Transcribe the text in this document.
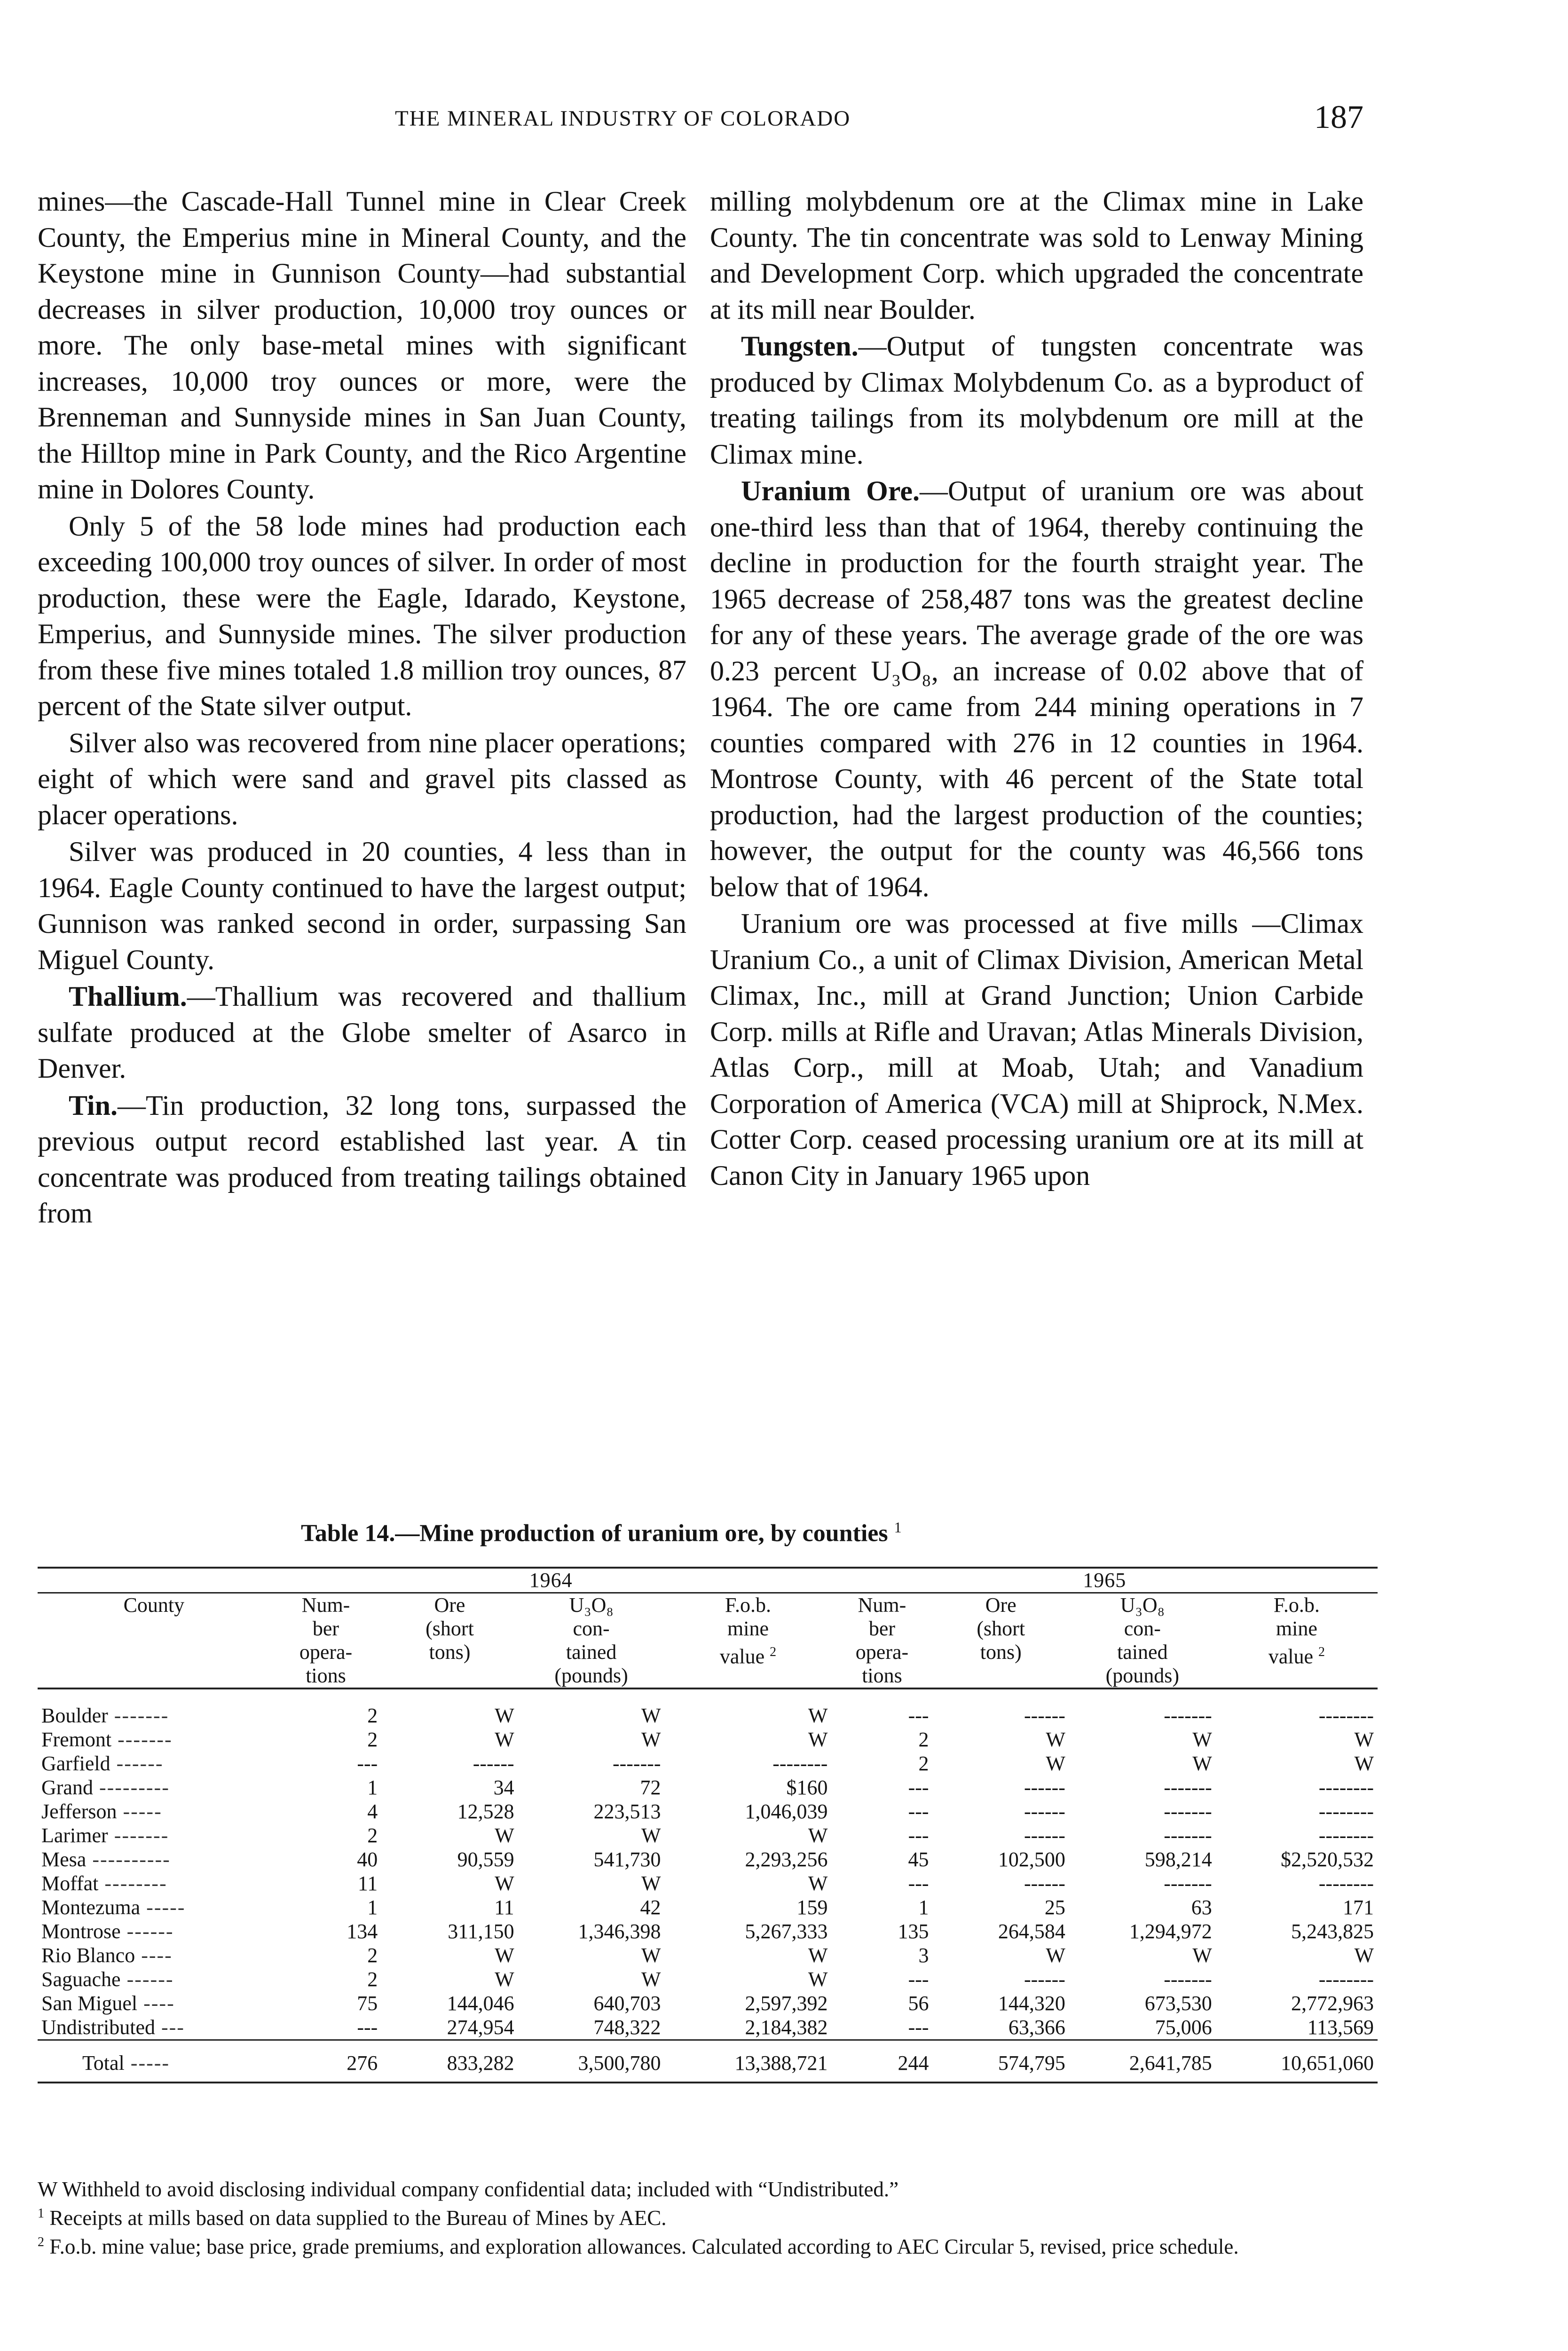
THE MINERAL INDUSTRY OF COLORADO	187

mines—the Cascade-Hall Tunnel mine in Clear Creek County, the Emperius mine in Mineral County, and the Keystone mine in Gunnison County—had substantial decreases in silver production, 10,000 troy ounces or more. The only base-metal mines with significant increases, 10,000 troy ounces or more, were the Brenneman and Sunnyside mines in San Juan County, the Hilltop mine in Park County, and the Rico Argentine mine in Dolores County.

Only 5 of the 58 lode mines had production each exceeding 100,000 troy ounces of silver. In order of most production, these were the Eagle, Idarado, Keystone, Emperius, and Sunnyside mines. The silver production from these five mines totaled 1.8 million troy ounces, 87 percent of the State silver output.

Silver also was recovered from nine placer operations; eight of which were sand and gravel pits classed as placer operations.

Silver was produced in 20 counties, 4 less than in 1964. Eagle County continued to have the largest output; Gunnison was ranked second in order, surpassing San Miguel County.

Thallium.—Thallium was recovered and thallium sulfate produced at the Globe smelter of Asarco in Denver.

Tin.—Tin production, 32 long tons, surpassed the previous output record established last year. A tin concentrate was produced from treating tailings obtained from

milling molybdenum ore at the Climax mine in Lake County. The tin concentrate was sold to Lenway Mining and Development Corp. which upgraded the concentrate at its mill near Boulder.

Tungsten.—Output of tungsten concentrate was produced by Climax Molybdenum Co. as a byproduct of treating tailings from its molybdenum ore mill at the Climax mine.

Uranium Ore.—Output of uranium ore was about one-third less than that of 1964, thereby continuing the decline in production for the fourth straight year. The 1965 decrease of 258,487 tons was the greatest decline for any of these years. The average grade of the ore was 0.23 percent U₃O₈, an increase of 0.02 above that of 1964. The ore came from 244 mining operations in 7 counties compared with 276 in 12 counties in 1964. Montrose County, with 46 percent of the State total production, had the largest production of the counties; however, the output for the county was 46,566 tons below that of 1964.

Uranium ore was processed at five mills —Climax Uranium Co., a unit of Climax Division, American Metal Climax, Inc., mill at Grand Junction; Union Carbide Corp. mills at Rifle and Uravan; Atlas Minerals Division, Atlas Corp., mill at Moab, Utah; and Vanadium Corporation of America (VCA) mill at Shiprock, N.Mex. Cotter Corp. ceased processing uranium ore at its mill at Canon City in January 1965 upon

Table 14.—Mine production of uranium ore, by counties $^1$
	1964				1965			
County	Num-
ber
opera-
tions	Ore
(short
tons)	U₃O₈
con-
tained
(pounds)	F.o.b.
mine
value $^2$	Num-
ber
opera-
tions	Ore
(short
tons)	U₃O₈
con-
tained
(pounds)	F.o.b.
mine
value $^2$
Boulder -------	2	W	W	W	---	------	-------	--------
Fremont -------	2	W	W	W	2	W	W	W
Garfield ------	---	------	-------	--------	2	W	W	W
Grand ---------	1	34	72	$160	---	------	-------	--------
Jefferson -----	4	12,528	223,513	1,046,039	---	------	-------	--------
Larimer -------	2	W	W	W	---	------	-------	--------
Mesa ----------	40	90,559	541,730	2,293,256	45	102,500	598,214	$2,520,532
Moffat --------	11	W	W	W	---	------	-------	--------
Montezuma -----	1	11	42	159	1	25	63	171
Montrose ------	134	311,150	1,346,398	5,267,333	135	264,584	1,294,972	5,243,825
Rio Blanco ----	2	W	W	W	3	W	W	W
Saguache ------	2	W	W	W	---	------	-------	--------
San Miguel ----	75	144,046	640,703	2,597,392	56	144,320	673,530	2,772,963
Undistributed ---	---	274,954	748,322	2,184,382	---	63,366	75,006	113,569
Total -----	276	833,282	3,500,780	13,388,721	244	574,795	2,641,785	10,651,060

W Withheld to avoid disclosing individual company confidential data; included with “Undistributed.”

$^1$ Receipts at mills based on data supplied to the Bureau of Mines by AEC.

$^2$ F.o.b. mine value; base price, grade premiums, and exploration allowances. Calculated according to AEC Circular 5, revised, price schedule.
